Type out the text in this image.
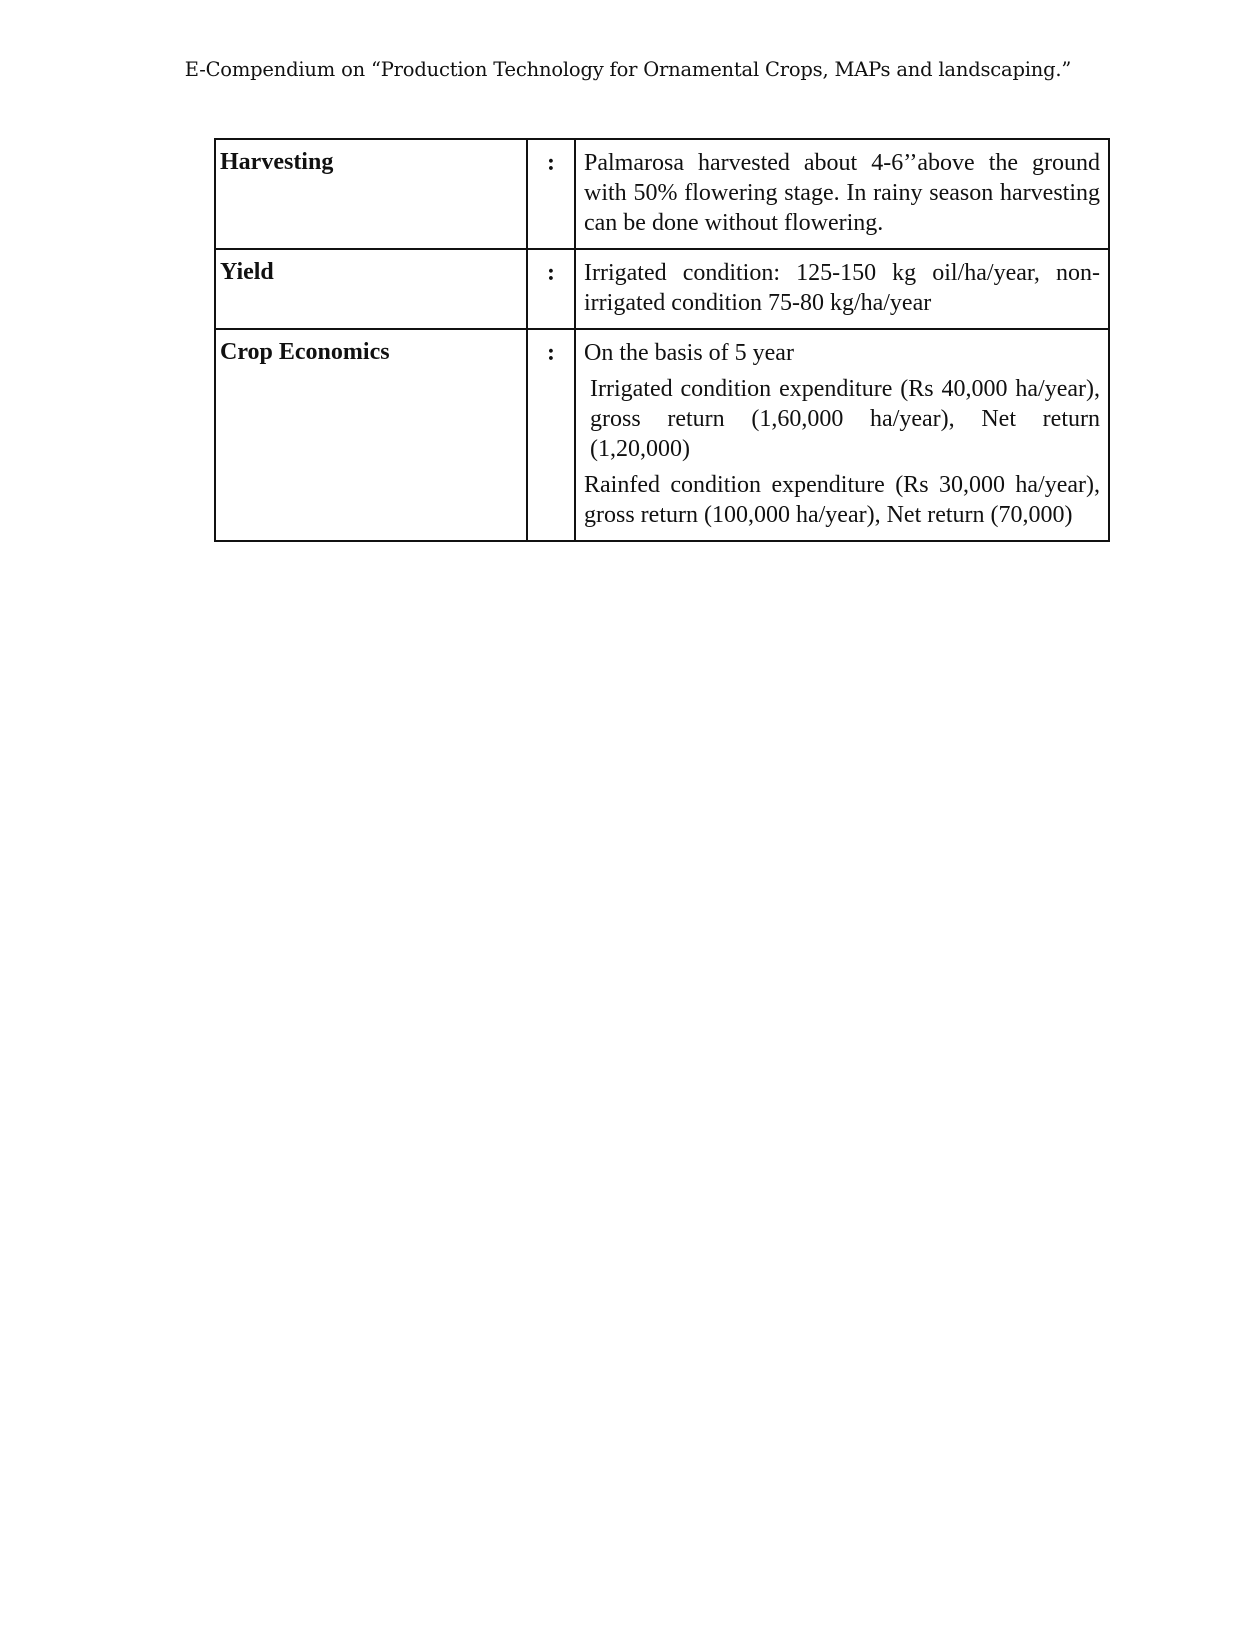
E-Compendium on “Production Technology for Ornamental Crops, MAPs and landscaping.”
Harvesting	:	Palmarosa harvested about 4-6’’above the ground with 50% flowering stage. In rainy season harvesting can be done without flowering.

Yield	:	Irrigated condition: 125-150 kg oil/ha/year, non-irrigated condition 75-80 kg/ha/year

Crop Economics	:	On the basis of 5 year
Irrigated condition expenditure (Rs 40,000 ha/year), gross return (1,60,000 ha/year), Net return (1,20,000)
Rainfed condition expenditure (Rs 30,000 ha/year), gross return (100,000 ha/year), Net return (70,000)
